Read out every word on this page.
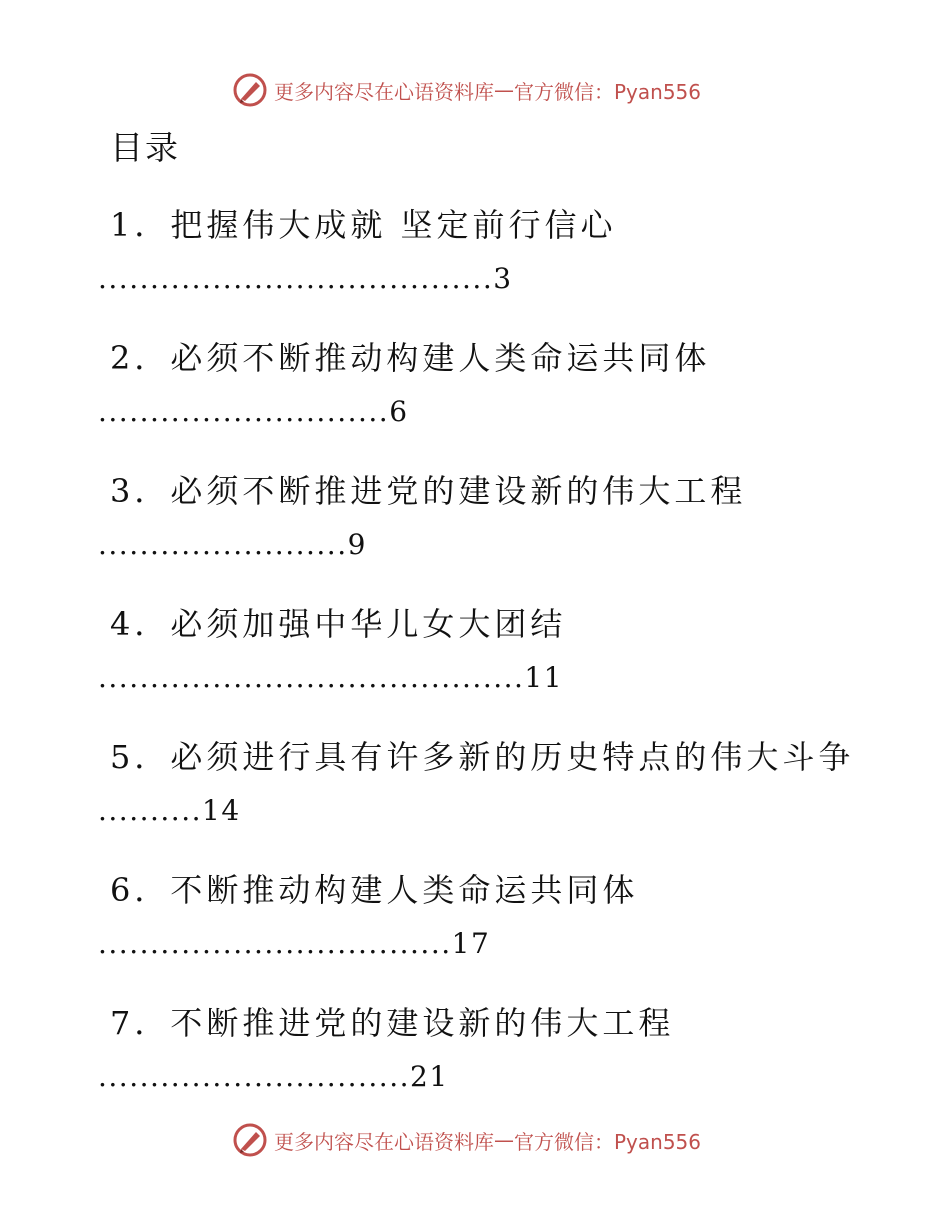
更多内容尽在心语资料库 — 官方微信：Pyan556
目录
1．把握伟大成就 坚定前行信心
......................................3
2．必须不断推动构建人类命运共同体
............................6
3．必须不断推进党的建设新的伟大工程
........................9
4．必须加强中华儿女大团结
.........................................11
5．必须进行具有许多新的历史特点的伟大斗争
..........14
6．不断推动构建人类命运共同体
..................................17
7．不断推进党的建设新的伟大工程
..............................21
更多内容尽在心语资料库 — 官方微信：Pyan556
